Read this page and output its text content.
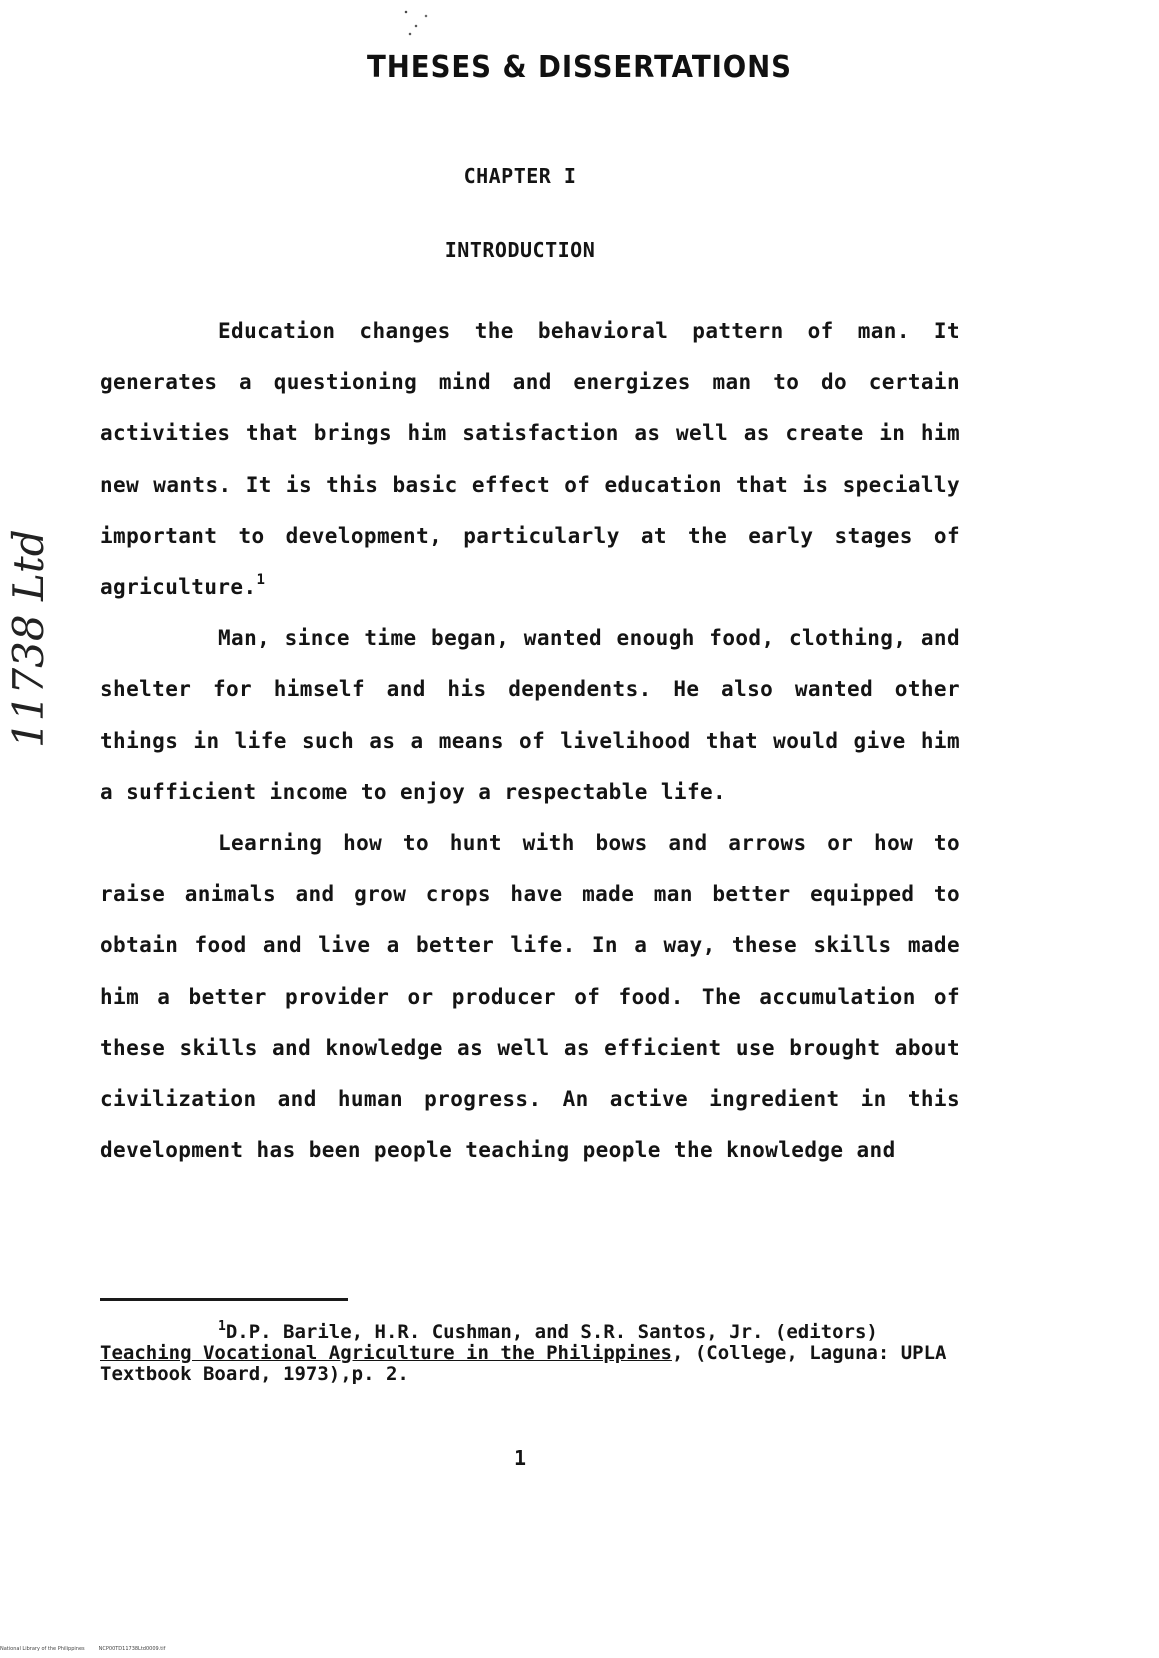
THESES & DISSERTATIONS
11738 Ltd
CHAPTER I
INTRODUCTION

Education changes the behavioral pattern of man. It generates a questioning mind and energizes man to do certain activities that brings him satisfaction as well as create in him new wants. It is this basic effect of education that is specially important to development, particularly at the early stages of agriculture.$^1$

Man, since time began, wanted enough food, clothing, and shelter for himself and his dependents. He also wanted other things in life such as a means of livelihood that would give him a sufficient income to enjoy a respectable life.

Learning how to hunt with bows and arrows or how to raise animals and grow crops have made man better equipped to obtain food and live a better life. In a way, these skills made him a better provider or producer of food. The accumulation of these skills and knowledge as well as efficient use brought about civilization and human progress. An active ingredient in this development has been people teaching people the knowledge and

$^1$D.P. Barile, H.R. Cushman, and S.R. Santos, Jr. (editors) Teaching Vocational Agriculture in the Philippines, (College, Laguna: UPLA Textbook Board, 1973),p. 2.

1
National Library of the Philippines	NCP00TD11738Ltd0009.tif
